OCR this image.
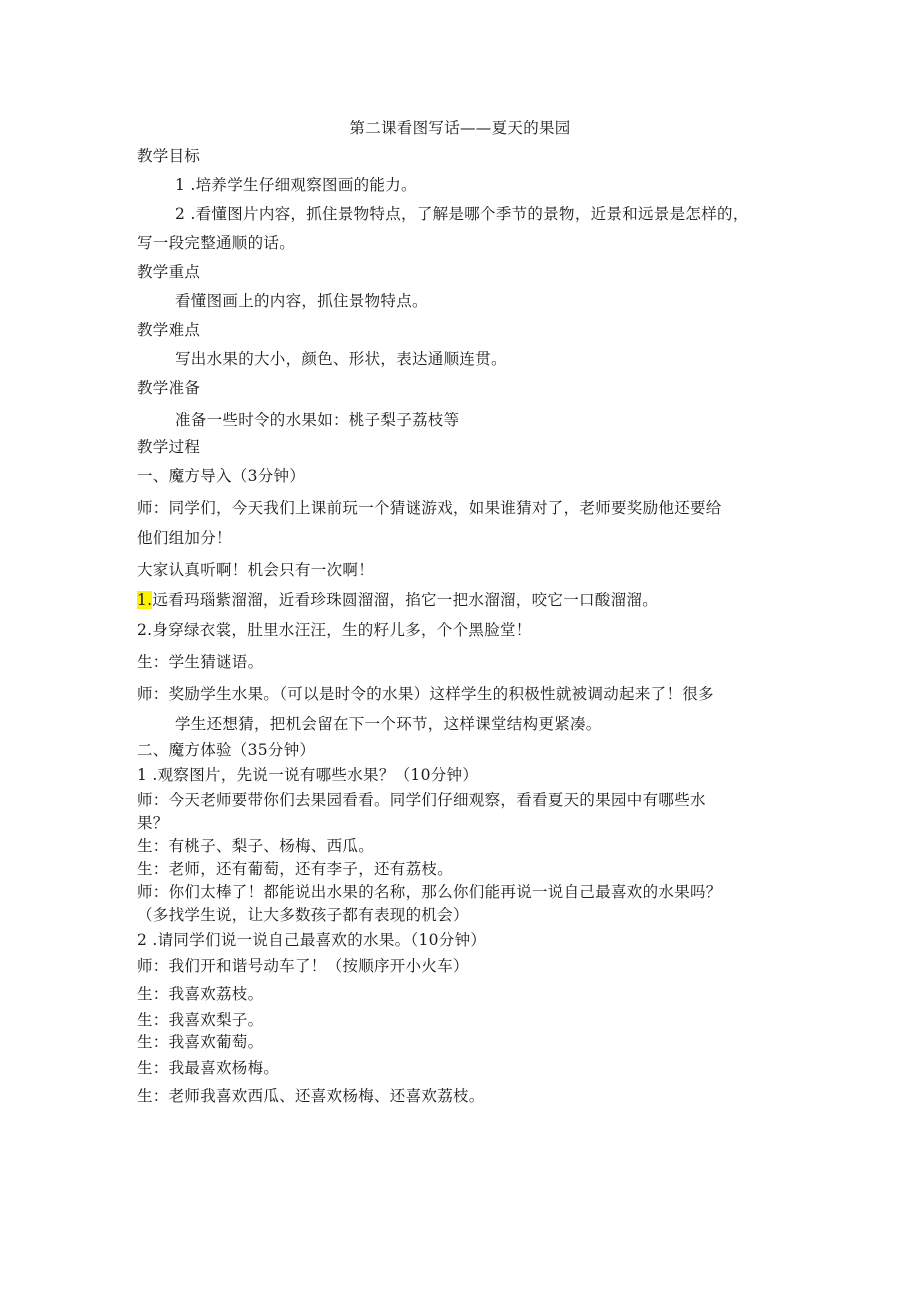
第二课看图写话——夏天的果园
教学目标
1 .培养学生仔细观察图画的能力。
2 .看懂图片内容，抓住景物特点，了解是哪个季节的景物，近景和远景是怎样的，
写一段完整通顺的话。
教学重点
看懂图画上的内容，抓住景物特点。
教学难点
写出水果的大小，颜色、形状，表达通顺连贯。
教学准备
准备一些时令的水果如：桃子梨子荔枝等
教学过程
一、魔方导入（3分钟）
师：同学们，今天我们上课前玩一个猜谜游戏，如果谁猜对了，老师要奖励他还要给
他们组加分！
大家认真听啊！机会只有一次啊！
1.远看玛瑙紫溜溜，近看珍珠圆溜溜，掐它一把水溜溜，咬它一口酸溜溜。
2.身穿绿衣裳，肚里水汪汪，生的籽儿多，个个黑脸堂！
生：学生猜谜语。
师：奖励学生水果。（可以是时令的水果）这样学生的积极性就被调动起来了！很多
学生还想猜，把机会留在下一个环节，这样课堂结构更紧凑。
二、魔方体验（35分钟）
1 .观察图片，先说一说有哪些水果？（10分钟）
师：今天老师要带你们去果园看看。同学们仔细观察，看看夏天的果园中有哪些水
果？
生：有桃子、梨子、杨梅、西瓜。
生：老师，还有葡萄，还有李子，还有荔枝。
师：你们太棒了！都能说出水果的名称，那么你们能再说一说自己最喜欢的水果吗？
（多找学生说，让大多数孩子都有表现的机会）
2 .请同学们说一说自己最喜欢的水果。（10分钟）
师：我们开和谐号动车了！（按顺序开小火车）
生：我喜欢荔枝。
生：我喜欢梨子。
生：我喜欢葡萄。
生：我最喜欢杨梅。
生：老师我喜欢西瓜、还喜欢杨梅、还喜欢荔枝。
